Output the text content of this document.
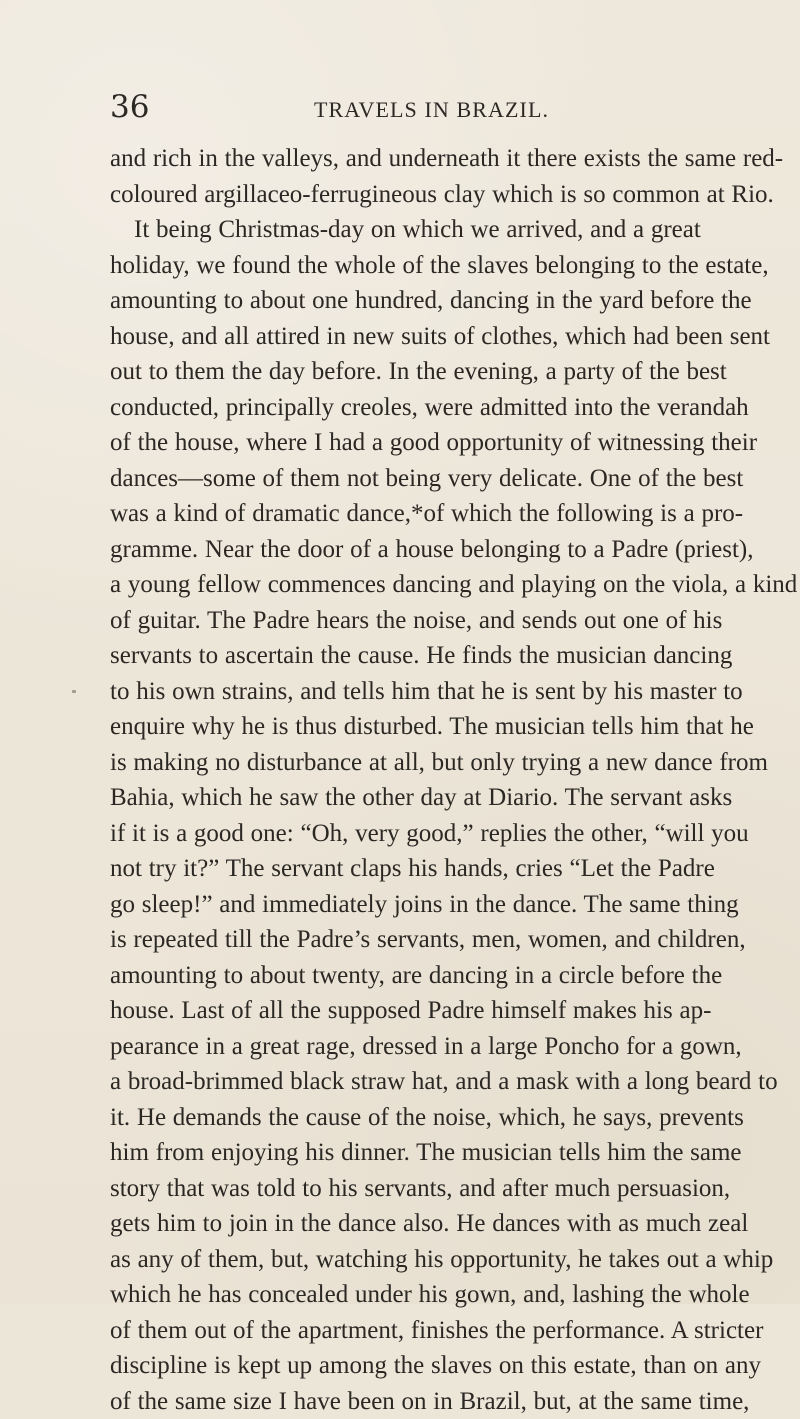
36	TRAVELS IN BRAZIL.
and rich in the valleys, and underneath it there exists the same red-
coloured argillaceo-ferrugineous clay which is so common at Rio.
It being Christmas-day on which we arrived, and a great
holiday, we found the whole of the slaves belonging to the estate,
amounting to about one hundred, dancing in the yard before the
house, and all attired in new suits of clothes, which had been sent
out to them the day before. In the evening, a party of the best
conducted, principally creoles, were admitted into the verandah
of the house, where I had a good opportunity of witnessing their
dances—some of them not being very delicate. One of the best
was a kind of dramatic dance,*of which the following is a pro-
gramme. Near the door of a house belonging to a Padre (priest),
a young fellow commences dancing and playing on the viola, a kind
of guitar. The Padre hears the noise, and sends out one of his
servants to ascertain the cause. He finds the musician dancing
to his own strains, and tells him that he is sent by his master to
enquire why he is thus disturbed. The musician tells him that he
is making no disturbance at all, but only trying a new dance from
Bahia, which he saw the other day at Diario. The servant asks
if it is a good one: “Oh, very good,” replies the other, “will you
not try it?” The servant claps his hands, cries “Let the Padre
go sleep!” and immediately joins in the dance. The same thing
is repeated till the Padre’s servants, men, women, and children,
amounting to about twenty, are dancing in a circle before the
house. Last of all the supposed Padre himself makes his ap-
pearance in a great rage, dressed in a large Poncho for a gown,
a broad-brimmed black straw hat, and a mask with a long beard to
it. He demands the cause of the noise, which, he says, prevents
him from enjoying his dinner. The musician tells him the same
story that was told to his servants, and after much persuasion,
gets him to join in the dance also. He dances with as much zeal
as any of them, but, watching his opportunity, he takes out a whip
which he has concealed under his gown, and, lashing the whole
of them out of the apartment, finishes the performance. A stricter
discipline is kept up among the slaves on this estate, than on any
of the same size I have been on in Brazil, but, at the same time,
